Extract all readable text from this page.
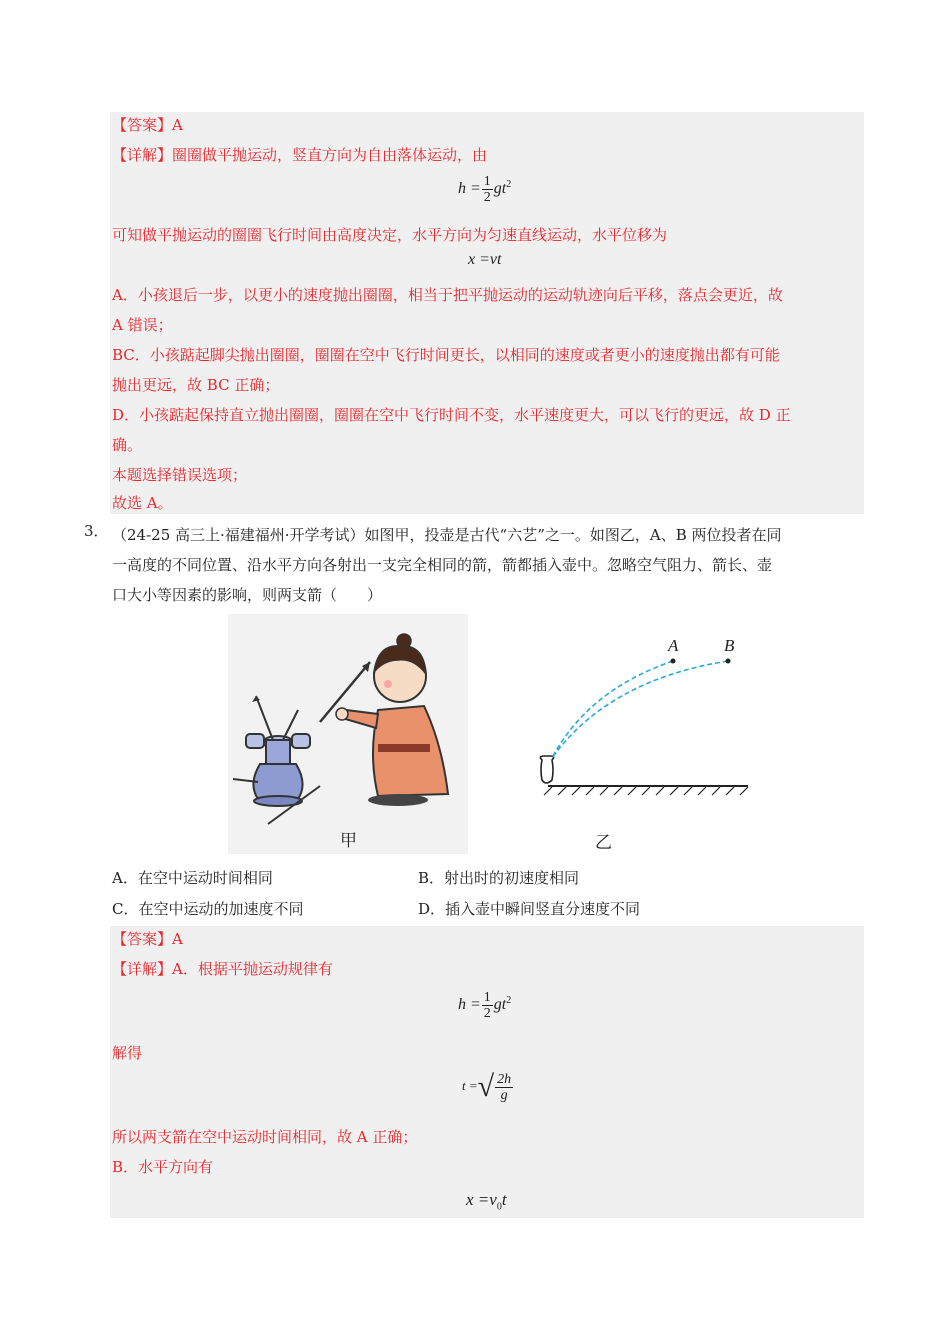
【答案】A
【详解】圈圈做平抛运动，竖直方向为自由落体运动，由
$h = \frac{1}{2} gt^2$
可知做平抛运动的圈圈飞行时间由高度决定，水平方向为匀速直线运动，水平位移为
x =vt
A．小孩退后一步，以更小的速度抛出圈圈，相当于把平抛运动的运动轨迹向后平移，落点会更近，故
A 错误；
BC．小孩踮起脚尖抛出圈圈，圈圈在空中飞行时间更长，以相同的速度或者更小的速度抛出都有可能
抛出更远，故 BC 正确；
D．小孩踮起保持直立抛出圈圈，圈圈在空中飞行时间不变，水平速度更大，可以飞行的更远，故 D 正
确。
本题选择错误选项；
故选 A。
3． （24-25 高三上·福建福州·开学考试）如图甲，投壶是古代“六艺”之一。如图乙，A、B 两位投者在同
一高度的不同位置、沿水平方向各射出一支完全相同的箭，箭都插入壶中。忽略空气阻力、箭长、壶
口大小等因素的影响，则两支箭（　　）
甲
A	B
乙
A．在空中运动时间相同	B．射出时的初速度相同
C．在空中运动的加速度不同	D．插入壶中瞬间竖直分速度不同
【答案】A
【详解】A．根据平抛运动规律有
$h = \frac{1}{2} gt^2$
解得
t =√ $\frac{2h}{g}$
所以两支箭在空中运动时间相同，故 A 正确；
B．水平方向有
$x =v_0t$
